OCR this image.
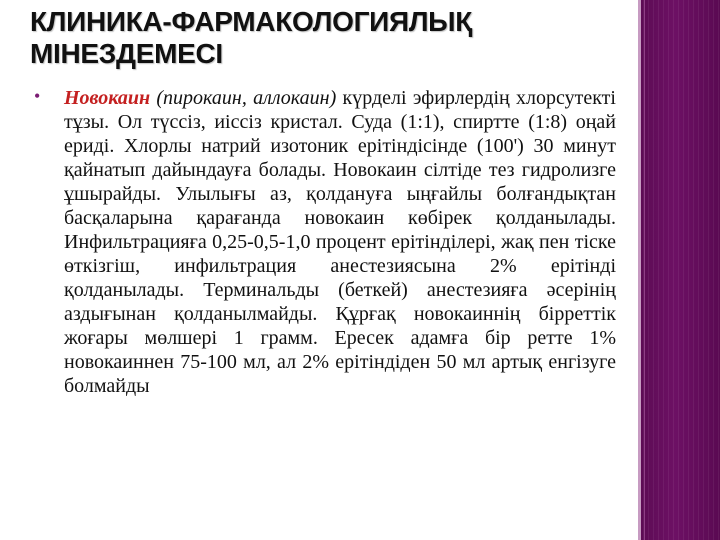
КЛИНИКА-ФАРМАКОЛОГИЯЛЫҚ МІНЕЗДЕМЕСІ
•	Новокаин (пирокаин, аллокаин) күрделі эфирлердің хлорсутекті тұзы. Ол түссіз, иіссіз кристал. Суда (1:1), спиртте (1:8) оңай ериді. Хлорлы натрий изотоник ерітіндісінде (100') 30 минут қайнатып дайындауға болады. Новокаин сілтіде тез гидролизге ұшырайды. Улылығы аз, қолдануға ыңғайлы болғандықтан басқаларына қарағанда новокаин көбірек қолданылады. Инфильтрацияға 0,25-0,5-1,0 процент ерітінділері, жақ пен тіске өткізгіш, инфильтрация анестезиясына 2% ерітінді қолданылады. Терминальды (беткей) анестезияға әсерінің аздығынан қолданылмайды. Құрғақ новокаиннің бірреттік жоғары мөлшері 1 грамм. Ересек адамға бір ретте 1% новокаиннен 75-100 мл, ал 2% ерітіндіден 50 мл артық енгізуге болмайды
